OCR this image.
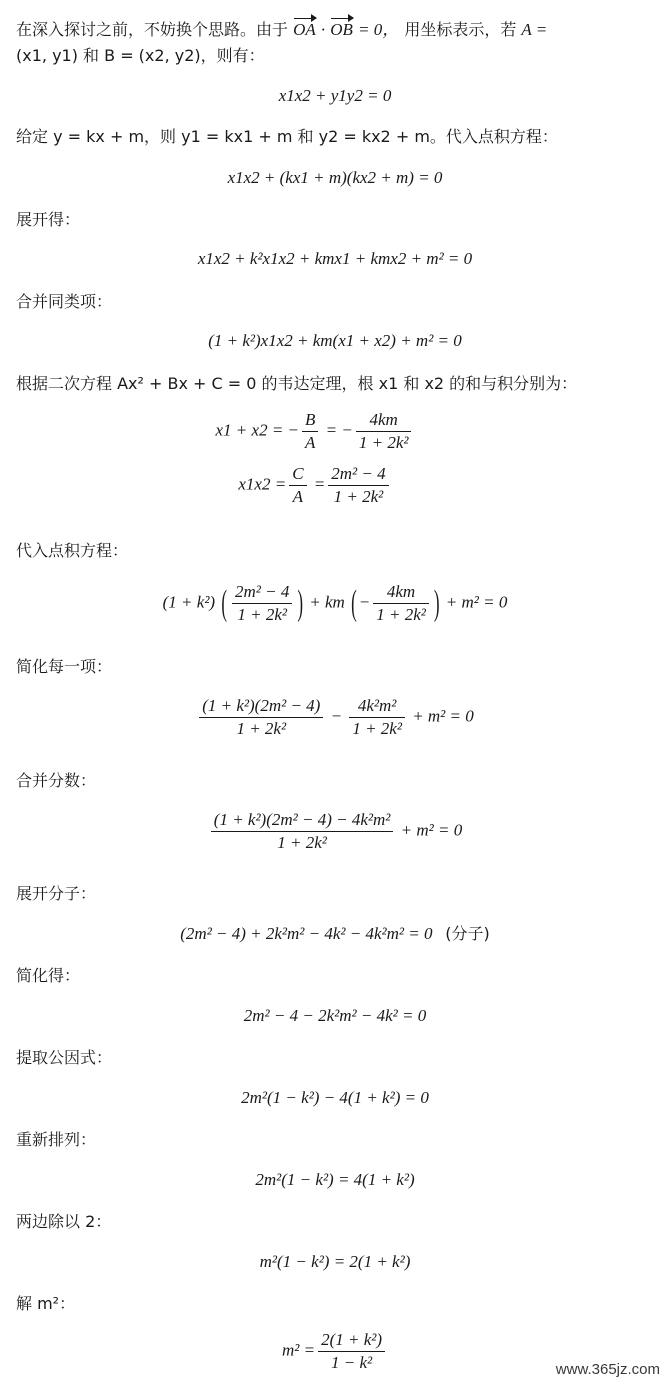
在深入探讨之前，不妨换个思路。由于 OA · OB = 0， 用坐标表示，若 A =
(x1, y1) 和 B = (x2, y2)，则有：
x1x2 + y1y2 = 0
给定 y = kx + m，则 y1 = kx1 + m 和 y2 = kx2 + m。代入点积方程：
x1x2 + (kx1 + m)(kx2 + m) = 0
展开得：
x1x2 + k²x1x2 + kmx1 + kmx2 + m² = 0
合并同类项：
(1 + k²)x1x2 + km(x1 + x2) + m² = 0
根据二次方程 Ax² + Bx + C = 0 的韦达定理，根 x1 和 x2 的和与积分别为：
x1 + x2 = − $\frac{B}{A}$ = − $\frac{4km}{\text{1 + 2k²}}$
$x1x2 = \frac{C}{A} = \frac{\text{2m² − 4}}{\text{1 + 2k²}}$
代入点积方程：
(1 + k²) ( $\frac{\text{2m² − 4}}{\text{1 + 2k²}}$ ) + km ( − $\frac{4km}{\text{1 + 2k²}}$ ) + m² = 0
简化每一项：
$\frac{\text{(1 + k²)(2m² − 4)}}{\text{1 + 2k²}} - \frac{\text{4k²m²}}{\text{1 + 2k²}} + m^2 = 0$
合并分数：
$\frac{\text{(1 + k²)(2m² − 4) − 4k²m²}}{\text{1 + 2k²}} + m^2 = 0$
展开分子：
(2m² − 4) + 2k²m² − 4k² − 4k²m² = 0 (分子)
简化得：
2m² − 4 − 2k²m² − 4k² = 0
提取公因式：
2m²(1 − k²) − 4(1 + k²) = 0
重新排列：
2m²(1 − k²) = 4(1 + k²)
两边除以 2：
m²(1 − k²) = 2(1 + k²)
解 m²：
$m^2 = \frac{\text{2(1 + k²)}}{\text{1 − k²}}$	www.365jz.com
